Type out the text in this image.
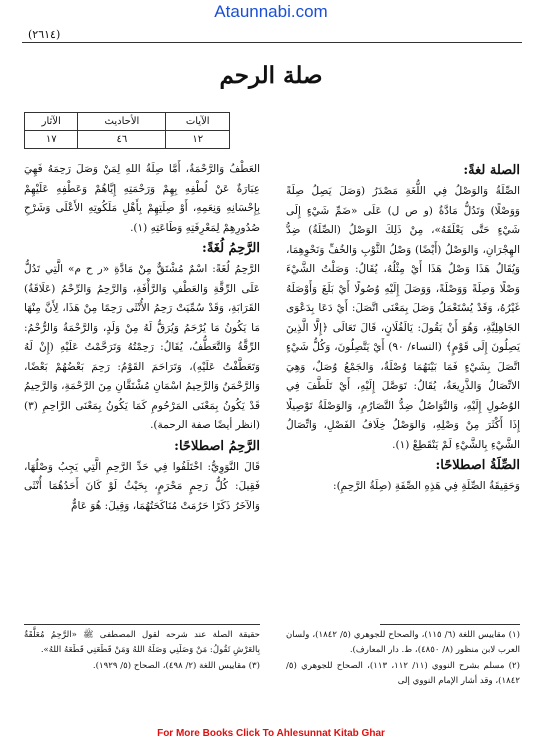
Ataunnabi.com
(٢٦١٤)
صلة الرحم
الآيات	الأحاديث	الآثار
١٢	٤٦	١٧

الصلة لغةً:

الصِّلَةُ وَالوَصْلُ فِي اللُّغَةِ مَصْدَرُ (وَصَلَ يَصِلُ صِلَةً وَوَصْلًا) وَتَدُلُّ مَادَّةُ (و ص ل) عَلَى «ضَمِّ شَيْءٍ إِلَى شَيْءٍ حَتَّى يَعْلَقَهُ»، مِنْ ذَلِكَ الوَصْلُ (الصِّلَةُ) ضِدُّ الهِجْرَانِ، وَالوَصْلُ (أَيْضًا) وَصْلُ الثَّوْبِ وَالخُفِّ وَنَحْوِهِمَا، وَيُقَالُ هَذَا وَصْلُ هَذَا أَيْ مِثْلُهُ، يُقَالُ: وَصَلْتُ الشَّيْءَ وَصْلًا وَصِلَةً وَوَصْلَةً، وَوَصَلَ إِلَيْهِ وُصُولًا أَيْ بَلَغَ وَأَوْصَلَهُ غَيْرُهُ، وَقَدْ يُسْتَعْمَلُ وَصَلَ بِمَعْنَى اتَّصَلَ: أَيْ دَعَا بِدَعْوَى الجَاهِلِيَّةِ، وَهُوَ أَنْ يَقُولَ: يَالَفُلَانٍ، قَالَ تَعَالَى ﴿إِلَّا الَّذِينَ يَصِلُونَ إِلَى قَوْمٍ﴾ (النساء/ ٩٠) أَيْ يَتَّصِلُونَ، وَكُلُّ شَيْءٍ اتَّصَلَ بِشَيْءٍ فَمَا بَيْنَهُمَا وُصْلَةٌ، وَالجَمْعُ وُصَلٌ، وَهِيَ الاتِّصَالُ وَالذَّرِيعَةُ، يُقَالُ: تَوَصَّلَ إِلَيْهِ، أَيْ تَلَطَّفَ فِي الوُصُولِ إِلَيْهِ، وَالتَّوَاصُلُ ضِدُّ التَّصَارُمِ، وَالوَصْلَةُ تَوْصِيلًا إِذَا أَكْثَرَ مِنْ وَصْلِهِ، وَالوَصْلُ خِلَافُ الفَصْلِ، وَاتِّصَالُ الشَّيْءِ بِالشَّيْءِ لَمْ يَنْقَطِعْ (١).

الصِّلَةُ اصطلاحًا:

وَحَقِيقَةُ الصِّلَةِ فِي هَذِهِ الصِّفَةِ (صِلَةُ الرَّحِمِ):

العَطْفُ وَالرَّحْمَةُ، أَمَّا صِلَةُ اللهِ لِمَنْ وَصَلَ رَحِمَهُ فَهِيَ عِبَارَةٌ عَنْ لُطْفِهِ بِهِمْ وَرَحْمَتِهِ إِيَّاهُمْ وَعَطْفِهِ عَلَيْهِمْ بِإِحْسَانِهِ وَنِعَمِهِ، أَوْ صِلَتِهِمْ بِأَهْلِ مَلَكُوتِهِ الأَعْلَى وَشَرْحِ صُدُورِهِمْ لِمَعْرِفَتِهِ وَطَاعَتِهِ (١).

الرَّحِمُ لُغَةً:

الرَّحِمُ لُغَةً: اسْمٌ مُشْتَقٌّ مِنْ مَادَّةِ «ر ح م» الَّتِي تَدُلُّ عَلَى الرِّقَّةِ وَالعَطْفِ وَالرَّأْفَةِ، وَالرَّحِمُ وَالرِّحْمُ (عَلَاقَةُ) القَرَابَةِ، وَقَدْ سُمِّيَتْ رَحِمُ الأُنْثَى رَحِمًا مِنْ هَذَا، لِأَنَّ مِنْهَا مَا يَكُونُ مَا يُرْحَمُ وَيُرَقُّ لَهُ مِنْ وَلَدٍ، وَالرَّحْمَةُ وَالرُّحْمُ: الرِّقَّةُ وَالتَّعَطُّفُ، يُقَالُ: رَحِمْتُهُ وَتَرَحَّمْتُ عَلَيْهِ (إِنْ لَهُ وَتَعَطَّفْتُ عَلَيْهِ)، وَتَرَاحَمَ القَوْمُ: رَحِمَ بَعْضُهُمْ بَعْضًا، وَالرَّحْمَنُ وَالرَّحِيمُ اسْمَانِ مُشْتَقَّانِ مِنَ الرَّحْمَةِ، وَالرَّحِيمُ قَدْ يَكُونُ بِمَعْنَى المَرْحُومِ كَمَا يَكُونُ بِمَعْنَى الرَّاحِمِ (٣) (انظر أيضًا صفة الرحمة).

الرَّحِمُ اصطلاحًا:

قَالَ النَّوَوِيُّ: اخْتَلَفُوا فِي حَدِّ الرَّحِمِ الَّتِي يَجِبُ وَصْلُهَا، فَقِيلَ: كُلُّ رَحِمٍ مَحْرَمٍ، بِحَيْثُ لَوْ كَانَ أَحَدُهُمَا أُنْثَى وَالآخَرُ ذَكَرًا حَرُمَتْ مُنَاكَحَتُهُمَا، وَقِيلَ: هُوَ عَامٌّ

(١) مقاييس اللغة (٦/ ١١٥)، والصحاح للجوهري (٥/ ١٨٤٢)، ولسان العرب لابن منظور (٨/ ٤٨٥٠)، ط. دار المعارف).

(٢) مسلم بشرح النووي (١١/ ١١٢، ١١٣)، الصحاح للجوهري (٥/ ١٨٤٢)، وقد أشار الإمام النووي إلى

حقيقة الصلة عند شرحه لقول المصطفى ﷺ «الرَّحِمُ مُعَلَّقَةٌ بِالعَرْشِ تَقُولُ: مَنْ وَصَلَنِي وَصَلَهُ اللهُ وَمَنْ قَطَعَنِي قَطَعَهُ اللهُ».

(٣) مقاييس اللغة (٢/ ٤٩٨)، الصحاح (٥/ ١٩٢٩).

For More Books Click To Ahlesunnat Kitab Ghar
